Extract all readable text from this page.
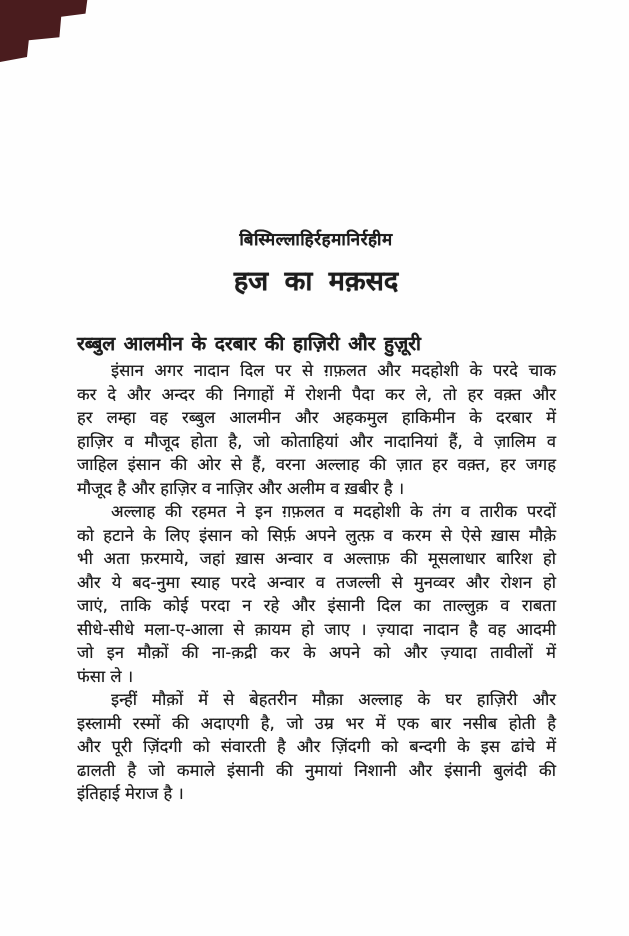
बिस्मिल्लाहिर्रहमानिर्रहीम
हज का मक़सद
रब्बुल आलमीन के दरबार की हाज़िरी और हुज़ूरी
इंसान अगर नादान दिल पर से ग़फ़लत और मदहोशी के परदे चाक
कर दे और अन्दर की निगाहों में रोशनी पैदा कर ले, तो हर वक़्त और
हर लम्हा वह रब्बुल आलमीन और अहकमुल हाकिमीन के दरबार में
हाज़िर व मौजूद होता है, जो कोताहियां और नादानियां हैं, वे ज़ालिम व
जाहिल इंसान की ओर से हैं, वरना अल्लाह की ज़ात हर वक़्त, हर जगह
मौजूद है और हाज़िर व नाज़िर और अलीम व ख़बीर है ।
अल्लाह की रहमत ने इन ग़फ़लत व मदहोशी के तंग व तारीक परदों
को हटाने के लिए इंसान को सिर्फ़ अपने लुत्फ़ व करम से ऐसे ख़ास मौक़े
भी अता फ़रमाये, जहां ख़ास अन्वार व अल्ताफ़ की मूसलाधार बारिश हो
और ये बद-नुमा स्याह परदे अन्वार व तजल्ली से मुनव्वर और रोशन हो
जाएं, ताकि कोई परदा न रहे और इंसानी दिल का ताल्लुक़ व राबता
सीधे-सीधे मला-ए-आला से क़ायम हो जाए । ज़्यादा नादान है वह आदमी
जो इन मौक़ों की ना-क़द्री कर के अपने को और ज़्यादा तावीलों में
फंसा ले ।
इन्हीं मौक़ों में से बेहतरीन मौक़ा अल्लाह के घर हाज़िरी और
इस्लामी रस्मों की अदाएगी है, जो उम्र भर में एक बार नसीब होती है
और पूरी ज़िंदगी को संवारती है और ज़िंदगी को बन्दगी के इस ढांचे में
ढालती है जो कमाले इंसानी की नुमायां निशानी और इंसानी बुलंदी की
इंतिहाई मेराज है ।
